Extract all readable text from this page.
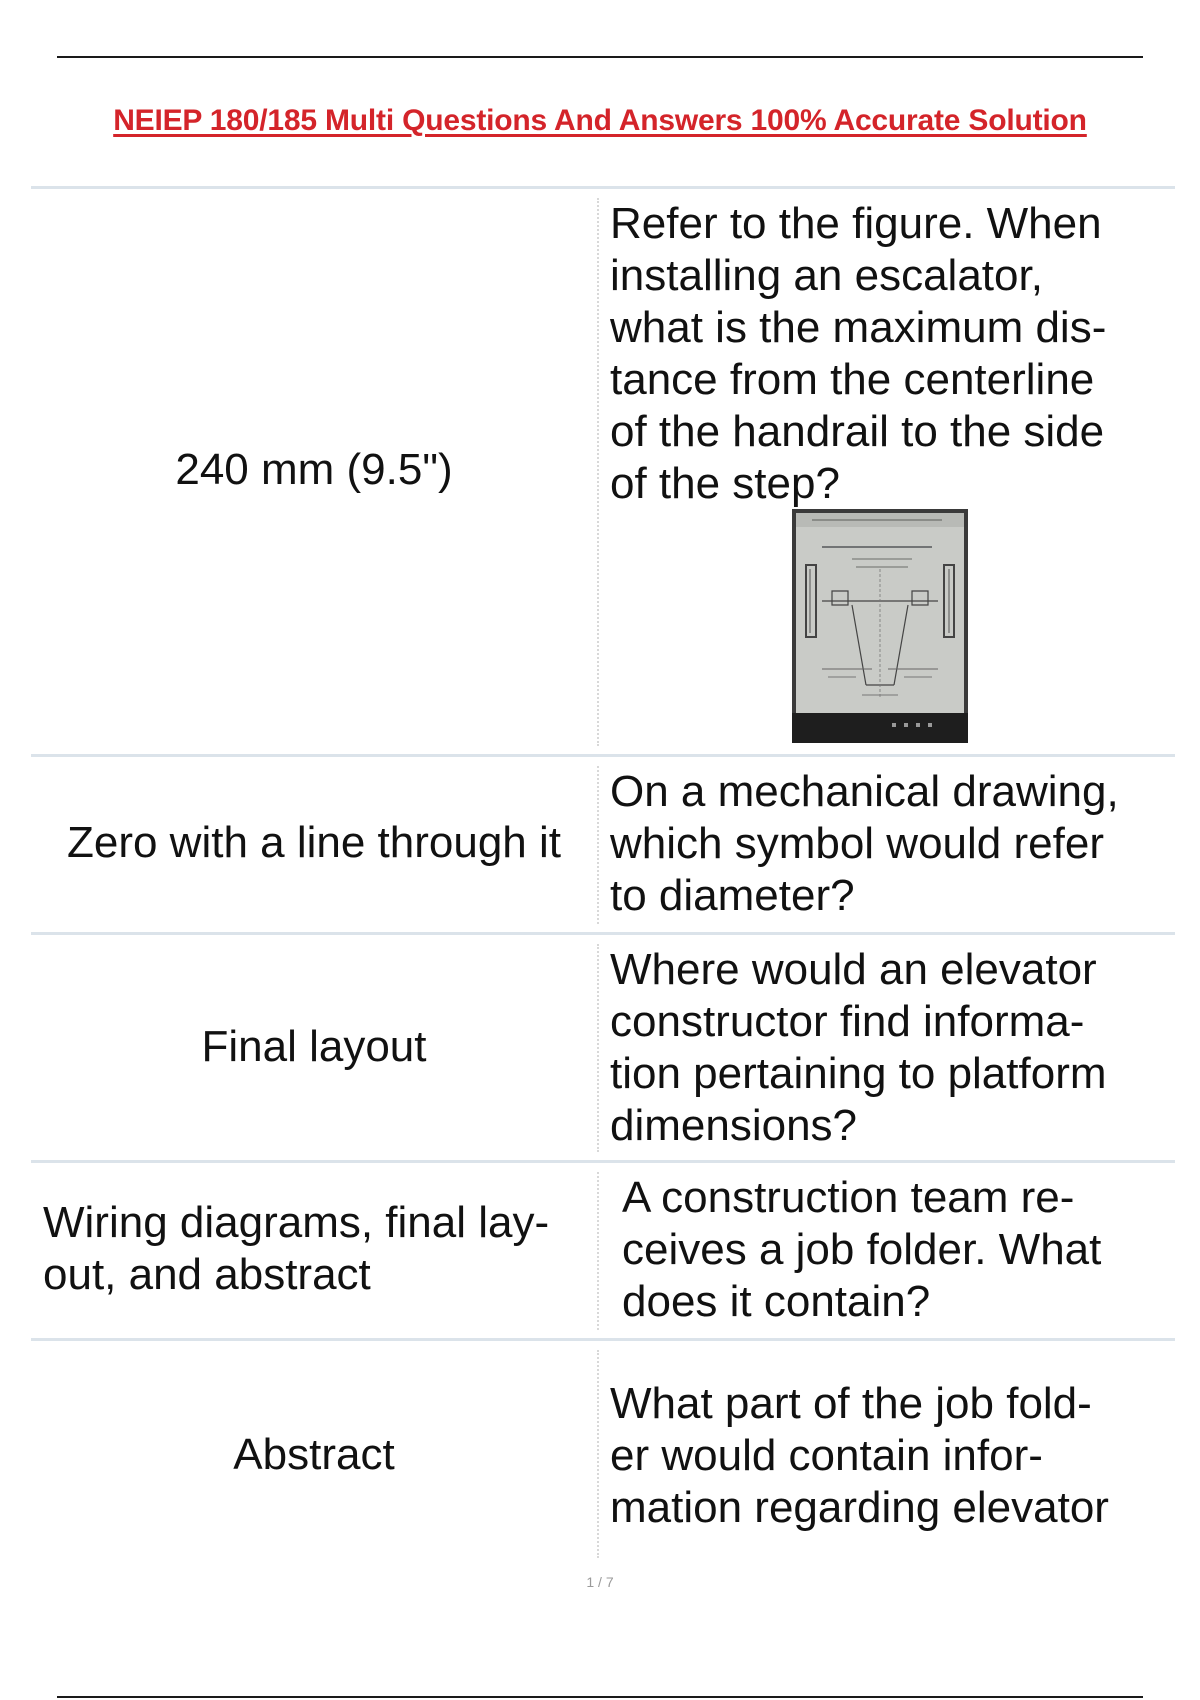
NEIEP 180/185 Multi Questions And Answers 100% Accurate Solution
240 mm (9.5")
Refer to the figure. When
installing an escalator,
what is the maximum dis-
tance from the centerline
of the handrail to the side
of the step?
Zero with a line through it
On a mechanical drawing,
which symbol would refer
to diameter?
Final layout
Where would an elevator
constructor find informa-
tion pertaining to platform
dimensions?
Wiring diagrams, final lay-
out, and abstract
A construction team re-
ceives a job folder. What
does it contain?
Abstract
What part of the job fold-
er would contain infor-
mation regarding elevator
1 / 7
